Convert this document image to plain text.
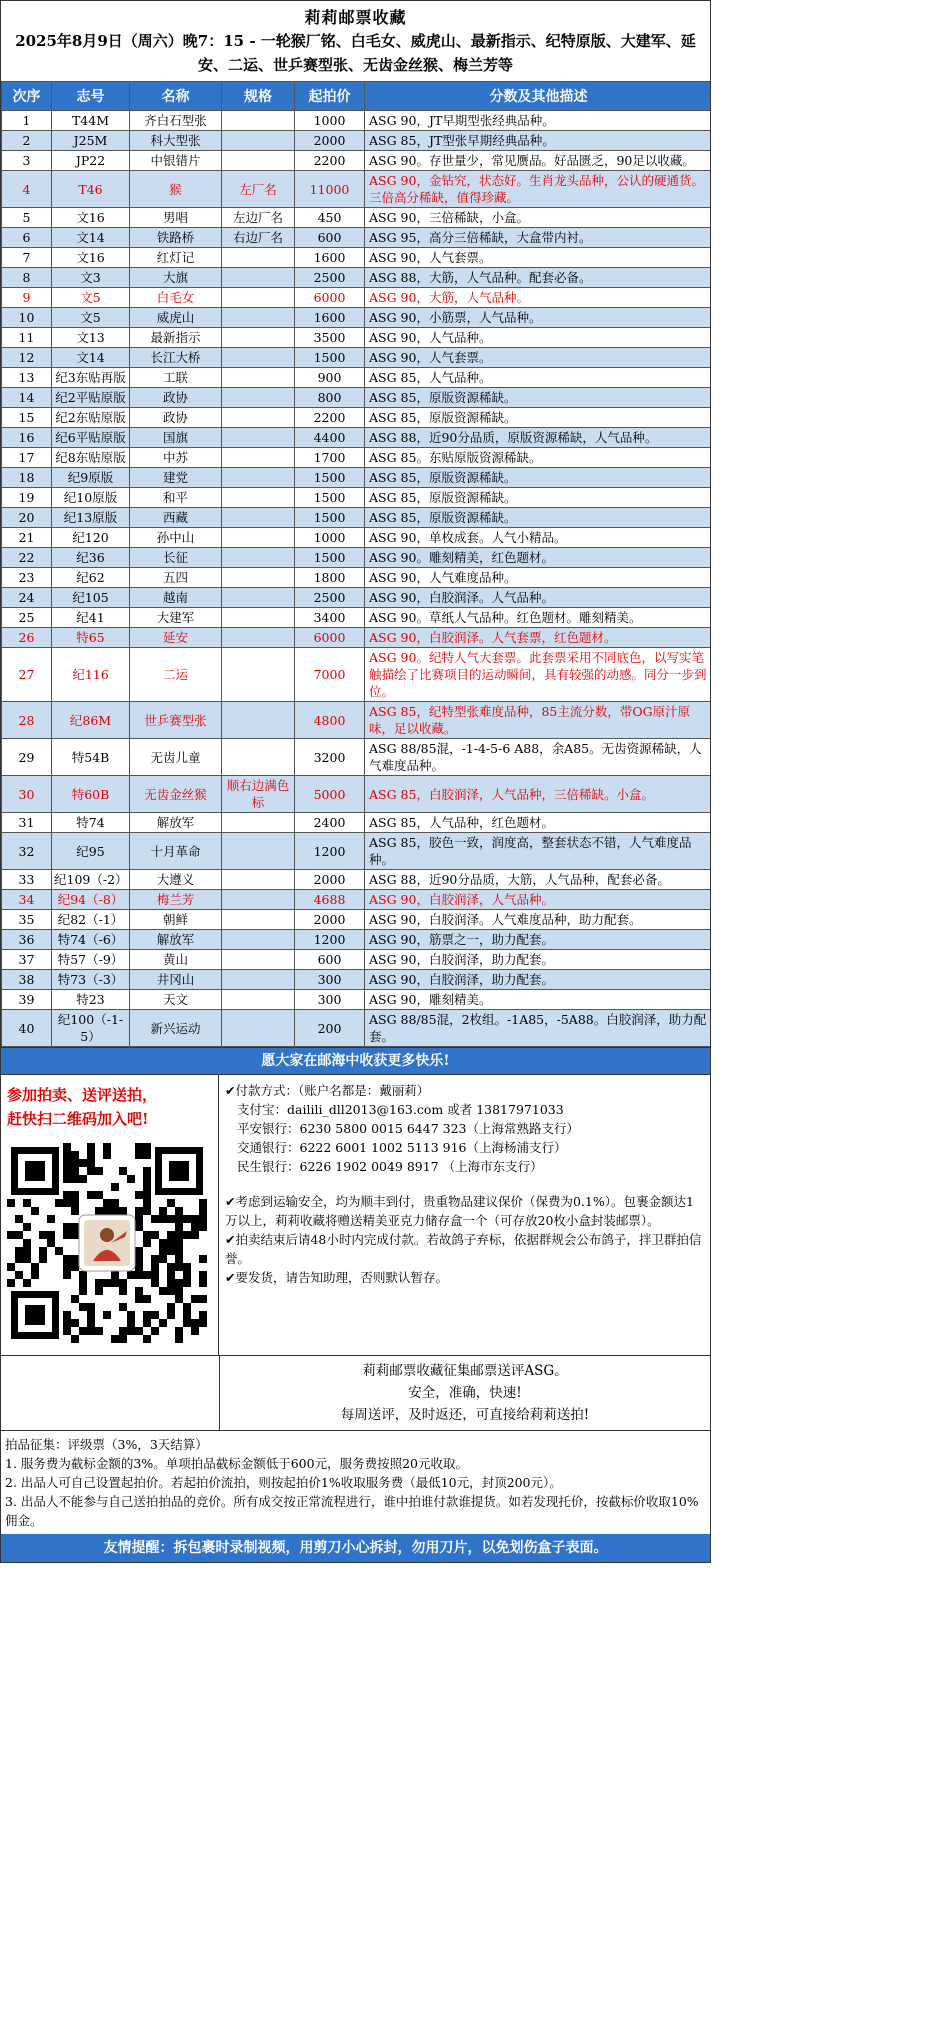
莉莉邮票收藏
2025年8月9日（周六）晚7：15 - 一轮猴厂铭、白毛女、威虎山、最新指示、纪特原版、大建军、延安、二运、世乒赛型张、无齿金丝猴、梅兰芳等
次序	志号	名称	规格	起拍价	分数及其他描述
1	T44M	齐白石型张		1000	ASG 90，JT早期型张经典品种。
2	J25M	科大型张		2000	ASG 85，JT型张早期经典品种。
3	JP22	中银错片		2200	ASG 90。存世量少，常见赝品。好品匮乏，90足以收藏。
4	T46	猴	左厂名	11000	ASG 90，金钻究，状态好。生肖龙头品种，公认的硬通货。三倍高分稀缺，值得珍藏。
5	文16	男唱	左边厂名	450	ASG 90，三倍稀缺，小盒。
6	文14	铁路桥	右边厂名	600	ASG 95，高分三倍稀缺，大盒带内衬。
7	文16	红灯记		1600	ASG 90，人气套票。
8	文3	大旗		2500	ASG 88，大筋，人气品种。配套必备。
9	文5	白毛女		6000	ASG 90，大筋，人气品种。
10	文5	威虎山		1600	ASG 90，小筋票，人气品种。
11	文13	最新指示		3500	ASG 90，人气品种。
12	文14	长江大桥		1500	ASG 90，人气套票。
13	纪3东贴再版	工联		900	ASG 85，人气品种。
14	纪2平贴原版	政协		800	ASG 85，原版资源稀缺。
15	纪2东贴原版	政协		2200	ASG 85，原版资源稀缺。
16	纪6平贴原版	国旗		4400	ASG 88，近90分品质，原版资源稀缺，人气品种。
17	纪8东贴原版	中苏		1700	ASG 85。东贴原版资源稀缺。
18	纪9原版	建党		1500	ASG 85，原版资源稀缺。
19	纪10原版	和平		1500	ASG 85，原版资源稀缺。
20	纪13原版	西藏		1500	ASG 85，原版资源稀缺。
21	纪120	孙中山		1000	ASG 90，单枚成套。人气小精品。
22	纪36	长征		1500	ASG 90。雕刻精美，红色题材。
23	纪62	五四		1800	ASG 90，人气难度品种。
24	纪105	越南		2500	ASG 90，白胶润泽。人气品种。
25	纪41	大建军		3400	ASG 90。草纸人气品种。红色题材。雕刻精美。
26	特65	延安		6000	ASG 90，白胶润泽。人气套票，红色题材。
27	纪116	二运		7000	ASG 90。纪特人气大套票。此套票采用不同底色，以写实笔触描绘了比赛项目的运动瞬间，具有较强的动感。同分一步到位。
28	纪86M	世乒赛型张		4800	ASG 85，纪特型张难度品种，85主流分数，带OG原汁原味，足以收藏。
29	特54B	无齿儿童		3200	ASG 88/85混，-1-4-5-6 A88，余A85。无齿资源稀缺，人气难度品种。
30	特60B	无齿金丝猴	顺右边满色标	5000	ASG 85，白胶润泽，人气品种，三倍稀缺。小盒。
31	特74	解放军		2400	ASG 85，人气品种，红色题材。
32	纪95	十月革命		1200	ASG 85，胶色一致，润度高，整套状态不错，人气难度品种。
33	纪109（-2）	大遵义		2000	ASG 88，近90分品质，大筋，人气品种，配套必备。
34	纪94（-8）	梅兰芳		4688	ASG 90，白胶润泽，人气品种。
35	纪82（-1）	朝鲜		2000	ASG 90，白胶润泽。人气难度品种，助力配套。
36	特74（-6）	解放军		1200	ASG 90，筋票之一，助力配套。
37	特57（-9）	黄山		600	ASG 90，白胶润泽，助力配套。
38	特73（-3）	井冈山		300	ASG 90，白胶润泽，助力配套。
39	特23	天文		300	ASG 90，雕刻精美。
40	纪100（-1-5）	新兴运动		200	ASG 88/85混，2枚组。-1A85，-5A88。白胶润泽，助力配套。
愿大家在邮海中收获更多快乐!
参加拍卖、送评送拍，
赶快扫二维码加入吧!
✔付款方式：（账户名都是：戴丽莉）
支付宝：dailili_dll2013@163.com 或者 13817971033
平安银行：6230 5800 0015 6447 323（上海常熟路支行）
交通银行：6222 6001 1002 5113 916（上海杨浦支行）
民生银行：6226 1902 0049 8917 （上海市东支行）
✔考虑到运输安全，均为顺丰到付，贵重物品建议保价（保费为0.1%）。包裹金额达1万以上，莉莉收藏将赠送精美亚克力储存盒一个（可存放20枚小盒封装邮票）。
✔拍卖结束后请48小时内完成付款。若故鸽子弃标，依据群规会公布鸽子，拌卫群拍信誉。
✔要发货，请告知助理，否则默认暂存。
莉莉邮票收藏征集邮票送评ASG。
安全，准确，快速!
每周送评，及时返还，可直接给莉莉送拍!
拍品征集：评级票（3%，3天结算）
1. 服务费为截标金额的3%。单项拍品截标金额低于600元，服务费按照20元收取。
2. 出品人可自己设置起拍价。若起拍价流拍，则按起拍价1%收取服务费（最低10元，封顶200元）。
3. 出品人不能参与自己送拍拍品的竞价。所有成交按正常流程进行，谁中拍谁付款谁提货。如若发现托价，按截标价收取10%佣金。
友情提醒：拆包裹时录制视频，用剪刀小心拆封，勿用刀片，以免划伤盒子表面。
